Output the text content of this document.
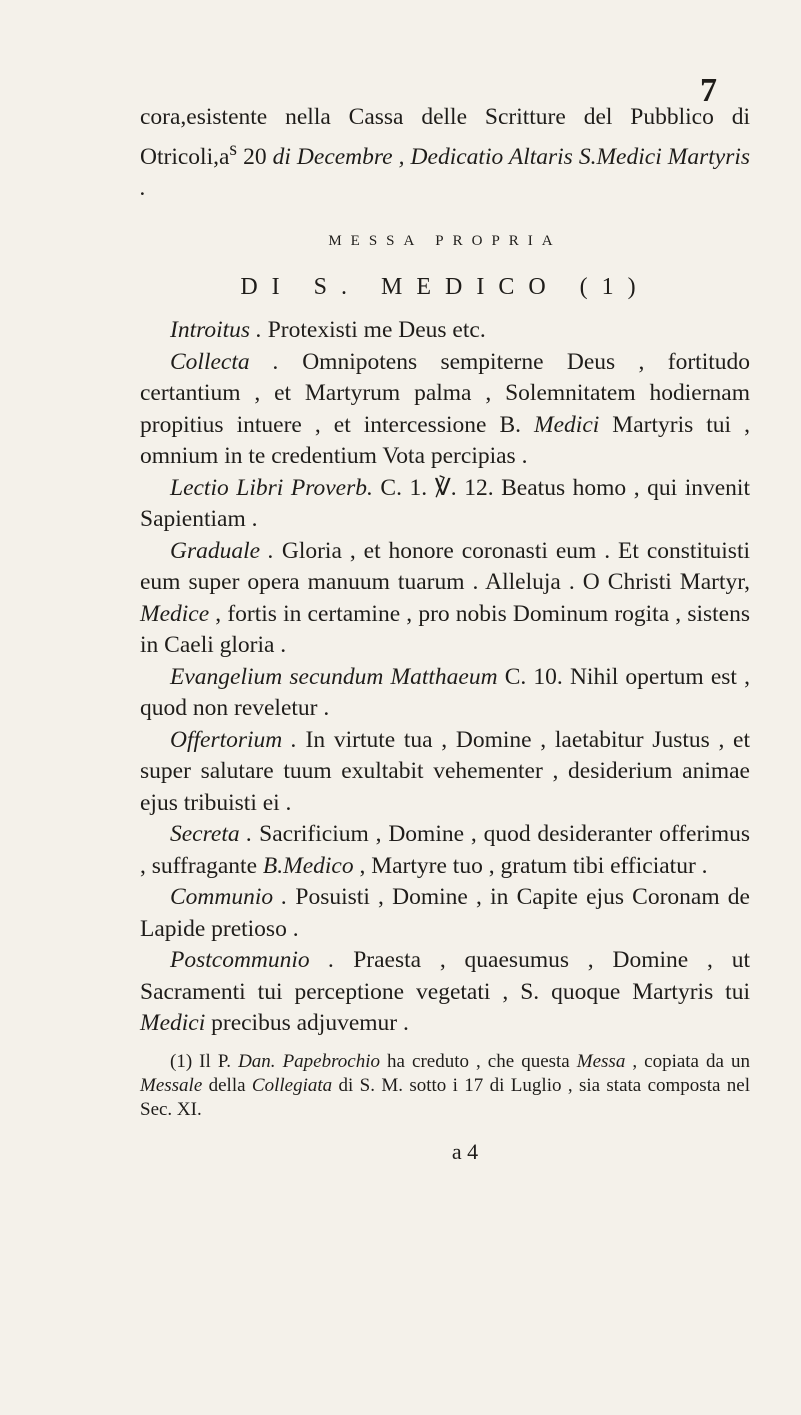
7

cora,esistente nella Cassa delle Scritture del Pubblico di $Otricoli,a^s$ 20 di Decembre , Dedicatio Altaris S.Medici Martyris .

MESSA PROPRIA

DI S. MEDICO (1)

Introitus . Protexisti me Deus etc.

Collecta . Omnipotens sempiterne Deus , fortitudo certantium , et Martyrum palma , Solemnitatem hodiernam propitius intuere , et intercessione B. Medici Martyris tui , omnium in te credentium Vota percipias .

Lectio Libri Proverb. C. 1. ℣. 12. Beatus homo , qui invenit Sapientiam .

Graduale . Gloria , et honore coronasti eum . Et constituisti eum super opera manuum tuarum . Alleluja . O Christi Martyr, Medice , fortis in certamine , pro nobis Dominum rogita , sistens in Caeli gloria .

Evangelium secundum Matthaeum C. 10. Nihil opertum est , quod non reveletur .

Offertorium . In virtute tua , Domine , laetabitur Justus , et super salutare tuum exultabit vehementer , desiderium animae ejus tribuisti ei .

Secreta . Sacrificium , Domine , quod desideranter offerimus , suffragante B.Medico , Martyre tuo , gratum tibi efficiatur .

Communio . Posuisti , Domine , in Capite ejus Coronam de Lapide pretioso .

Postcommunio . Praesta , quaesumus , Domine , ut Sacramenti tui perceptione vegetati , S. quoque Martyris tui Medici precibus adjuvemur .

(1) Il P. Dan. Papebrochio ha creduto , che questa Messa , copiata da un Messale della Collegiata di S. M. sotto i 17 di Luglio , sia stata composta nel Sec. XI.

a 4
